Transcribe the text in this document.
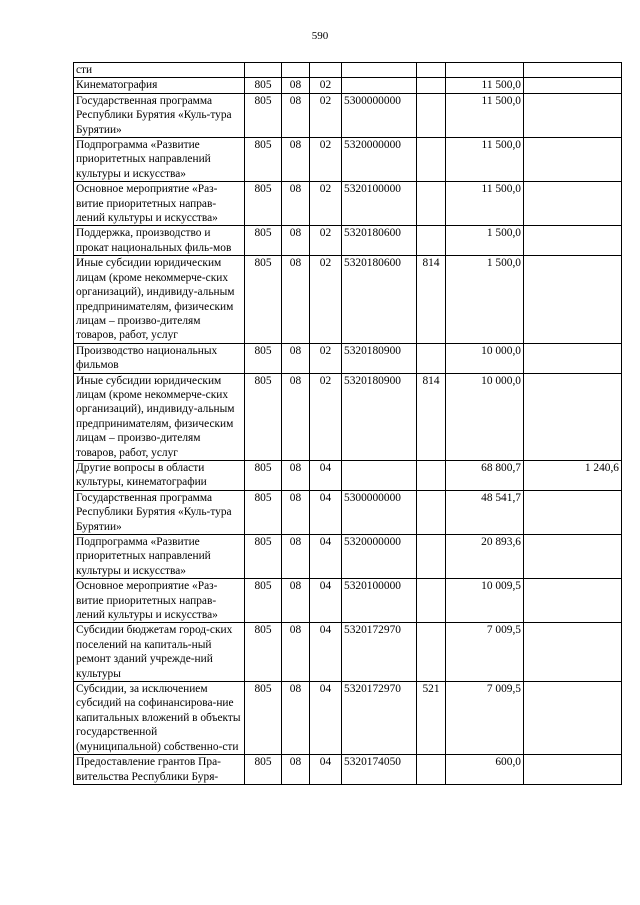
590
сти							
Кинематография	805	08	02			11 500,0	
Государственная программа Республики Бурятия «Куль-тура Бурятии»	805	08	02	5300000000		11 500,0	
Подпрограмма «Развитие приоритетных направлений культуры и искусства»	805	08	02	5320000000		11 500,0	
Основное мероприятие «Раз-витие приоритетных направ-лений культуры и искусства»	805	08	02	5320100000		11 500,0	
Поддержка, производство и прокат национальных филь-мов	805	08	02	5320180600		1 500,0	
Иные субсидии юридическим лицам (кроме некоммерче-ских организаций), индивиду-альным предпринимателям, физическим лицам – произво-дителям товаров, работ, услуг	805	08	02	5320180600	814	1 500,0	
Производство национальных фильмов	805	08	02	5320180900		10 000,0	
Иные субсидии юридическим лицам (кроме некоммерче-ских организаций), индивиду-альным предпринимателям, физическим лицам – произво-дителям товаров, работ, услуг	805	08	02	5320180900	814	10 000,0	
Другие вопросы в области культуры, кинематографии	805	08	04			68 800,7	1 240,6
Государственная программа Республики Бурятия «Куль-тура Бурятии»	805	08	04	5300000000		48 541,7	
Подпрограмма «Развитие приоритетных направлений культуры и искусства»	805	08	04	5320000000		20 893,6	
Основное мероприятие «Раз-витие приоритетных направ-лений культуры и искусства»	805	08	04	5320100000		10 009,5	
Субсидии бюджетам город-ских поселений на капиталь-ный ремонт зданий учрежде-ний культуры	805	08	04	5320172970		7 009,5	
Субсидии, за исключением субсидий на софинансирова-ние капитальных вложений в объекты государственной (муниципальной) собственно-сти	805	08	04	5320172970	521	7 009,5	
Предоставление грантов Пра-вительства Республики Буря-	805	08	04	5320174050		600,0	
